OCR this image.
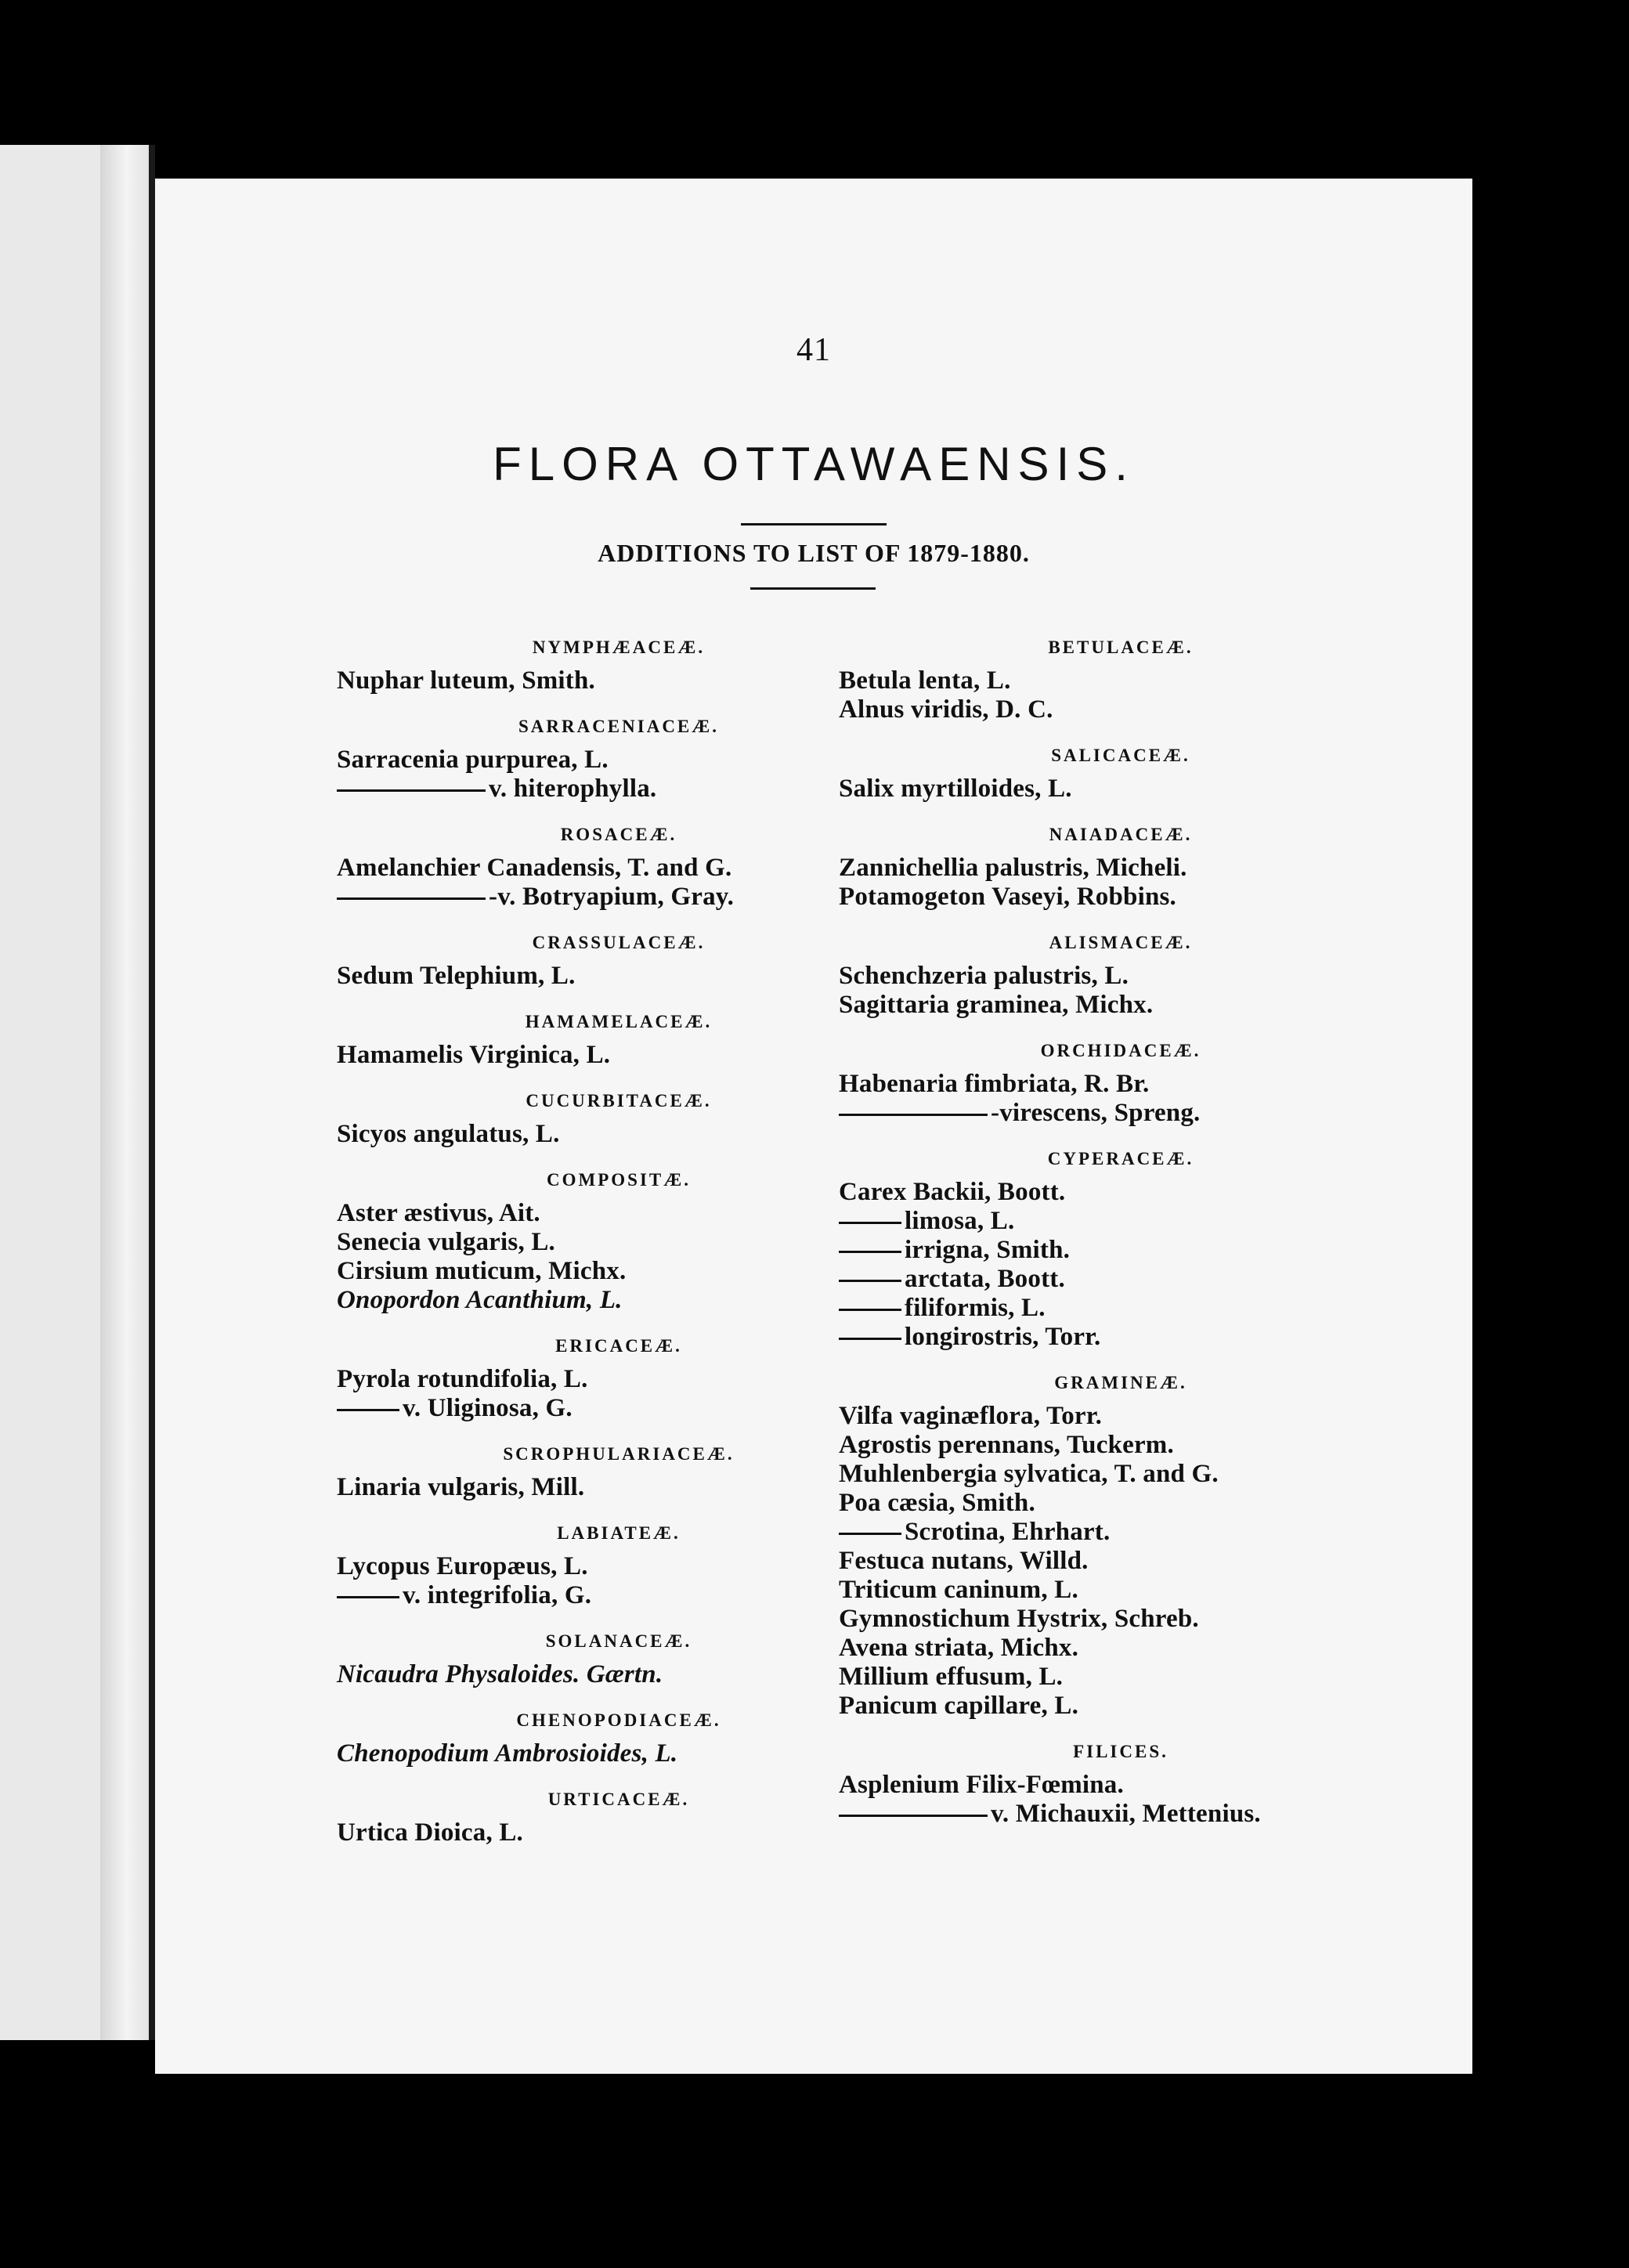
41
FLORA OTTAWAENSIS.
ADDITIONS TO LIST OF 1879-1880.
NYMPHÆACEÆ.
Nuphar luteum, Smith.
SARRACENIACEÆ.
Sarracenia purpurea, L.
v. hiterophylla.
ROSACEÆ.
Amelanchier Canadensis, T. and G.
-v. Botryapium, Gray.
CRASSULACEÆ.
Sedum Telephium, L.
HAMAMELACEÆ.
Hamamelis Virginica, L.
CUCURBITACEÆ.
Sicyos angulatus, L.
COMPOSITÆ.
Aster æstivus, Ait.
Senecia vulgaris, L.
Cirsium muticum, Michx.
Onopordon Acanthium, L.
ERICACEÆ.
Pyrola rotundifolia, L.
v. Uliginosa, G.
SCROPHULARIACEÆ.
Linaria vulgaris, Mill.
LABIATEÆ.
Lycopus Europæus, L.
v. integrifolia, G.
SOLANACEÆ.
Nicaudra Physaloides. Gærtn.
CHENOPODIACEÆ.
Chenopodium Ambrosioides, L.
URTICACEÆ.
Urtica Dioica, L.
BETULACEÆ.
Betula lenta, L.
Alnus viridis, D. C.
SALICACEÆ.
Salix myrtilloides, L.
NAIADACEÆ.
Zannichellia palustris, Micheli.
Potamogeton Vaseyi, Robbins.
ALISMACEÆ.
Schenchzeria palustris, L.
Sagittaria graminea, Michx.
ORCHIDACEÆ.
Habenaria fimbriata, R. Br.
-virescens, Spreng.
CYPERACEÆ.
Carex Backii, Boott.
limosa, L.
irrigna, Smith.
arctata, Boott.
filiformis, L.
longirostris, Torr.
GRAMINEÆ.
Vilfa vaginæflora, Torr.
Agrostis perennans, Tuckerm.
Muhlenbergia sylvatica, T. and G.
Poa cæsia, Smith.
Scrotina, Ehrhart.
Festuca nutans, Willd.
Triticum caninum, L.
Gymnostichum Hystrix, Schreb.
Avena striata, Michx.
Millium effusum, L.
Panicum capillare, L.
FILICES.
Asplenium Filix-Fœmina.
v. Michauxii, Mettenius.
